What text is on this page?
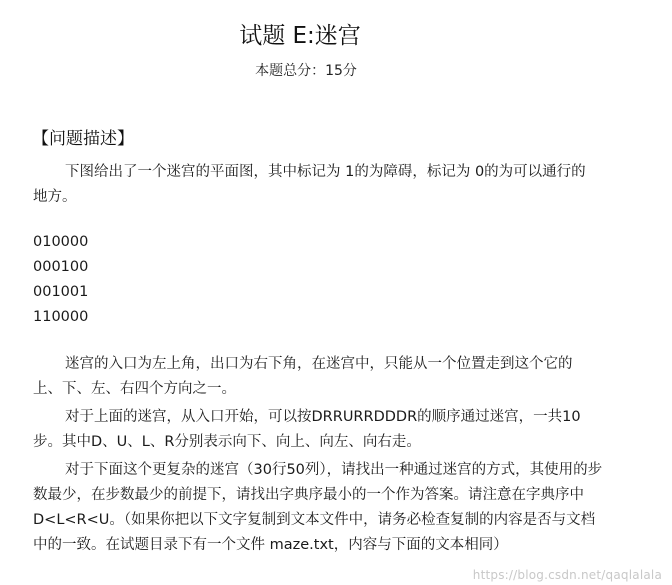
试题 E:迷宫
本题总分：15分
【问题描述】
下图给出了一个迷宫的平面图，其中标记为 1的为障碍，标记为 0的为可以通行的地方。
010000
000100
001001
110000
迷宫的入口为左上角，出口为右下角，在迷宫中，只能从一个位置走到这个它的上、下、左、右四个方向之一。
对于上面的迷宫，从入口开始，可以按DRRURRDDDR的顺序通过迷宫，一共10步。其中D、U、L、R分别表示向下、向上、向左、向右走。
对于下面这个更复杂的迷宫（30行50列），请找出一种通过迷宫的方式，其使用的步数最少，在步数最少的前提下，请找出字典序最小的一个作为答案。请注意在字典序中D<L<R<U。（如果你把以下文字复制到文本文件中，请务必检查复制的内容是否与文档中的一致。在试题目录下有一个文件 maze.txt，内容与下面的文本相同）
https://blog.csdn.net/qaqlalala
